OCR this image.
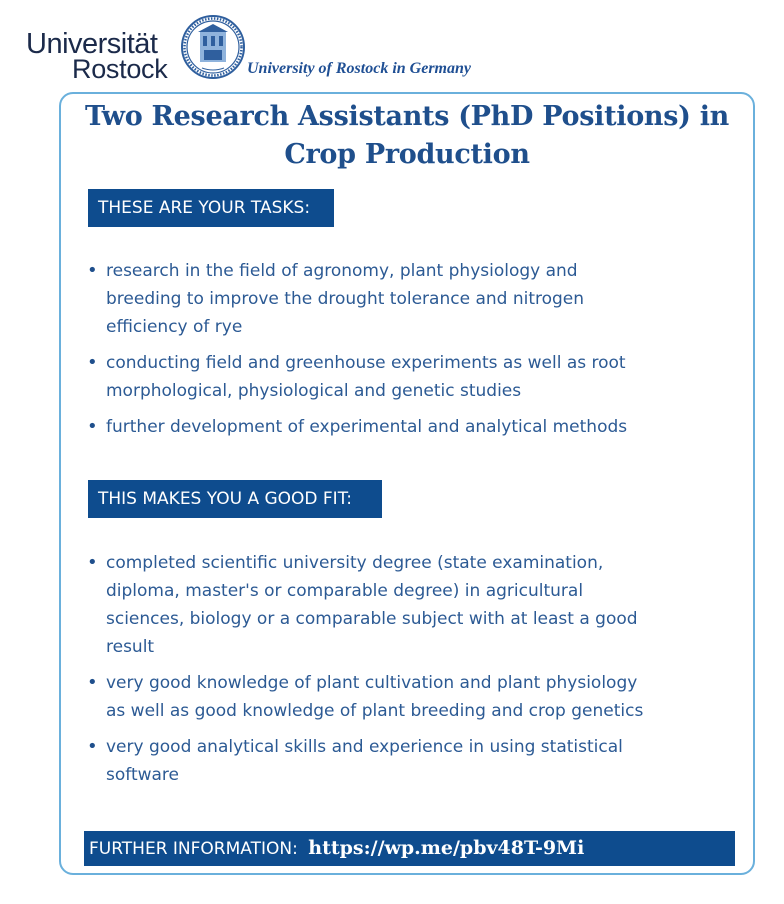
Universität
Rostock	University of Rostock in Germany
Two Research Assistants (PhD Positions) in Crop Production
THESE ARE YOUR TASKS:
• research in the field of agronomy, plant physiology and breeding to improve the drought tolerance and nitrogen efficiency of rye
• conducting field and greenhouse experiments as well as root morphological, physiological and genetic studies
• further development of experimental and analytical methods
THIS MAKES YOU A GOOD FIT:
• completed scientific university degree (state examination, diploma, master's or comparable degree) in agricultural sciences, biology or a comparable subject with at least a good result
• very good knowledge of plant cultivation and plant physiology as well as good knowledge of plant breeding and crop genetics
• very good analytical skills and experience in using statistical software
FURTHER INFORMATION: https://wp.me/pbv48T-9Mi
